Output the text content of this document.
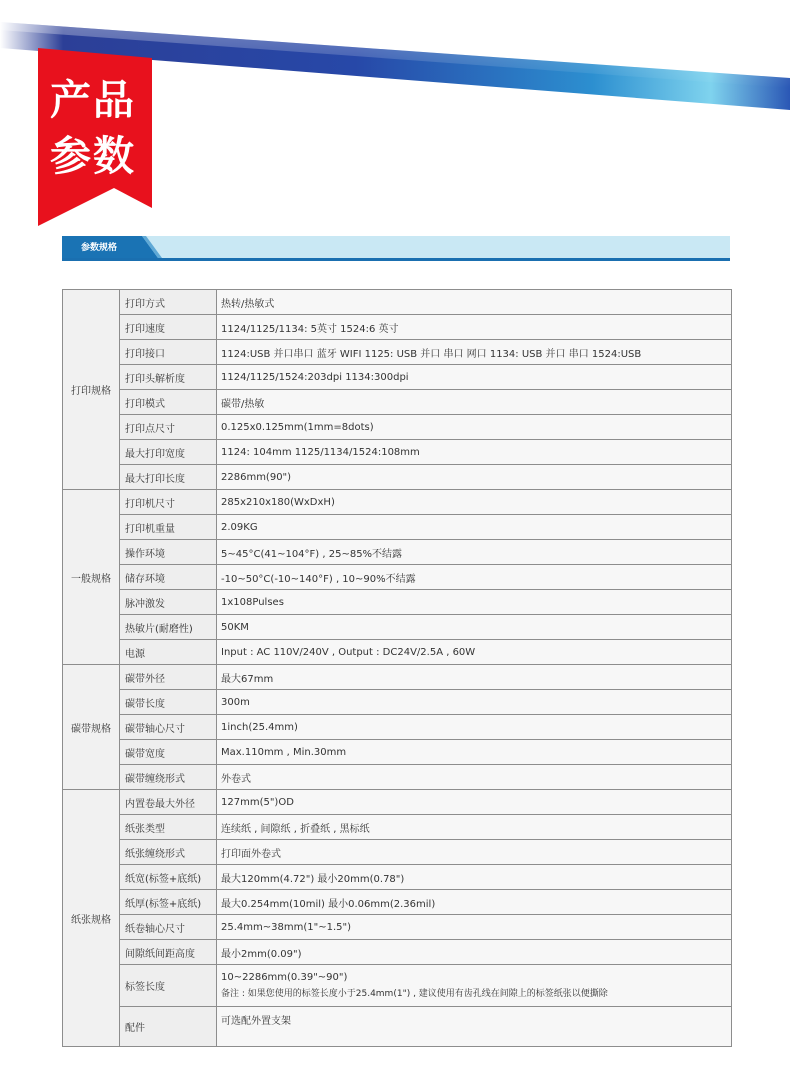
产品
参数
参数规格
打印规格	打印方式	热转/热敏式
	打印速度	1124/1125/1134: 5英寸 1524:6 英寸
	打印接口	1124:USB 并口串口 蓝牙 WIFI 1125: USB 并口 串口 网口 1134: USB 并口 串口 1524:USB
	打印头解析度	1124/1125/1524:203dpi 1134:300dpi
	打印模式	碳带/热敏
	打印点尺寸	0.125x0.125mm(1mm=8dots)
	最大打印宽度	1124: 104mm 1125/1134/1524:108mm
	最大打印长度	2286mm(90")
一般规格	打印机尺寸	285x210x180(WxDxH)
	打印机重量	2.09KG
	操作环境	5~45°C(41~104°F) , 25~85%不结露
	储存环境	-10~50°C(-10~140°F) , 10~90%不结露
	脉冲激发	1x108Pulses
	热敏片(耐磨性)	50KM
	电源	Input : AC 110V/240V , Output : DC24V/2.5A , 60W
碳带规格	碳带外径	最大67mm
	碳带长度	300m
	碳带轴心尺寸	1inch(25.4mm)
	碳带宽度	Max.110mm , Min.30mm
	碳带缠绕形式	外卷式
纸张规格	内置卷最大外径	127mm(5")OD
	纸张类型	连续纸 , 间隙纸 , 折叠纸 , 黑标纸
	纸张缠绕形式	打印面外卷式
	纸宽(标签+底纸)	最大120mm(4.72") 最小20mm(0.78")
	纸厚(标签+底纸)	最大0.254mm(10mil) 最小0.06mm(2.36mil)
	纸卷轴心尺寸	25.4mm~38mm(1"~1.5")
	间隙纸间距高度	最小2mm(0.09")
	标签长度	10~2286mm(0.39"~90")
备注 : 如果您使用的标签长度小于25.4mm(1") , 建议使用有齿孔线在间隙上的标签纸张以便撕除

	配件	可选配外置支架
